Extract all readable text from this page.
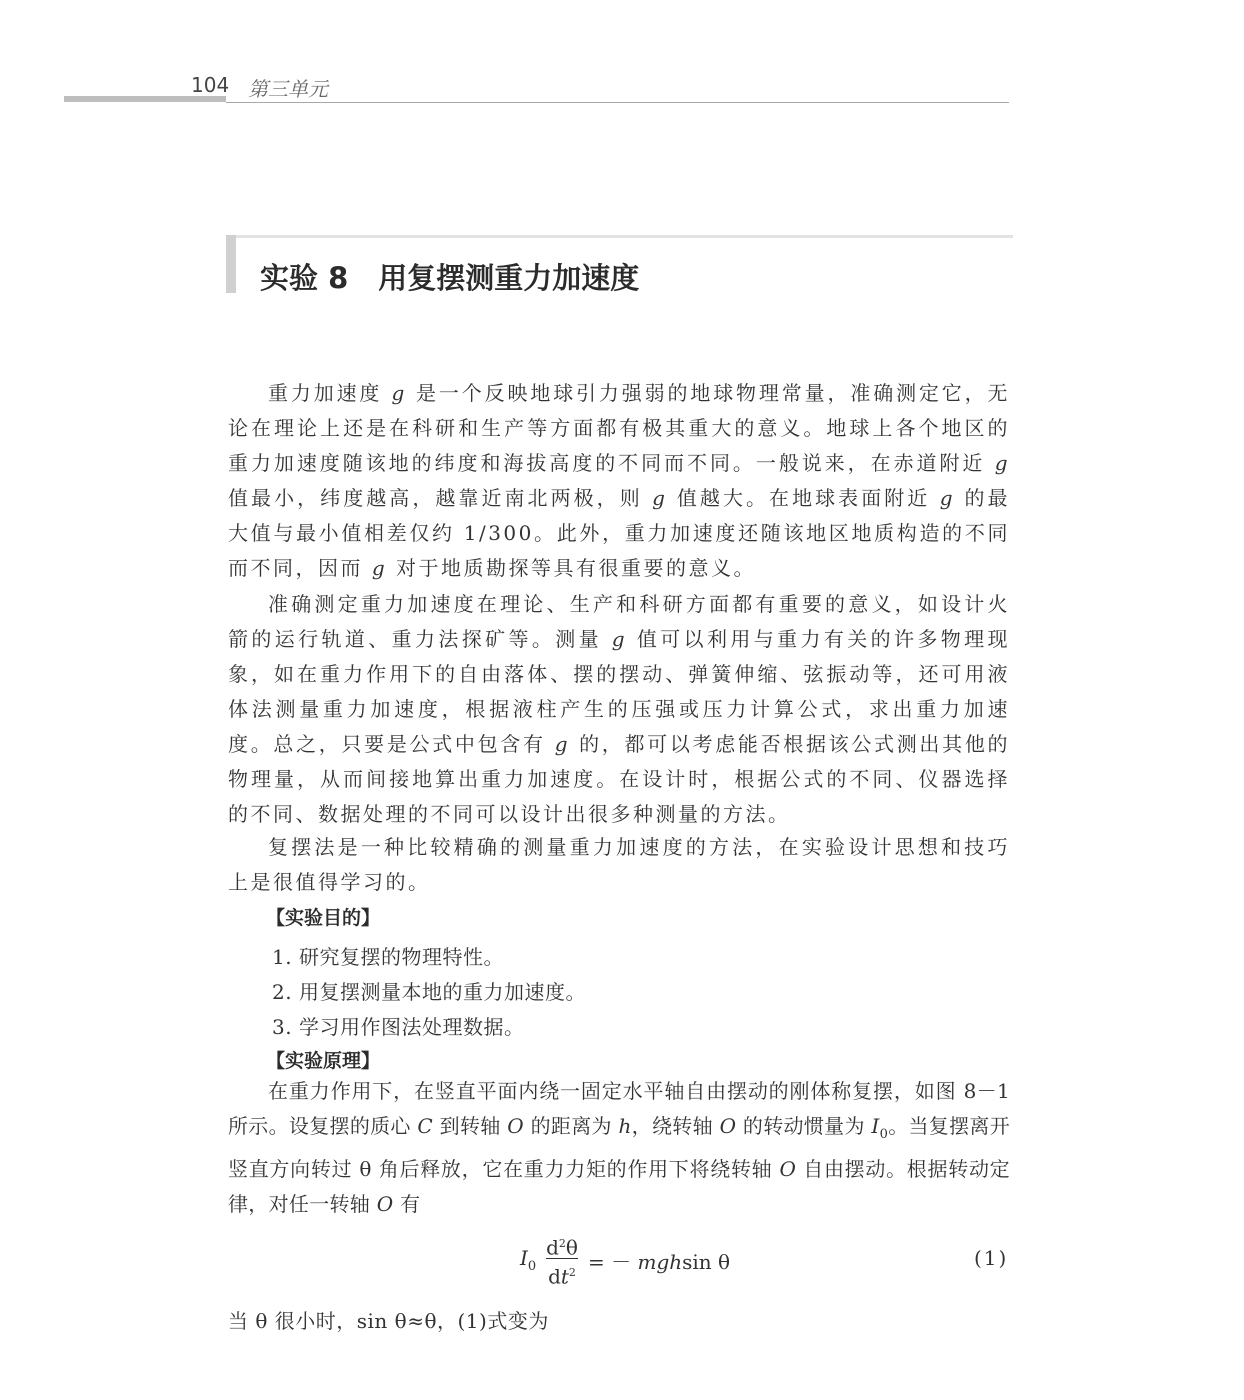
104 第三单元
实验 8 用复摆测重力加速度

重力加速度 g 是一个反映地球引力强弱的地球物理常量，准确测定它，无论在理论上还是在科研和生产等方面都有极其重大的意义。地球上各个地区的重力加速度随该地的纬度和海拔高度的不同而不同。一般说来，在赤道附近 g 值最小，纬度越高，越靠近南北两极，则 g 值越大。在地球表面附近 g 的最大值与最小值相差仅约 1/300。此外，重力加速度还随该地区地质构造的不同而不同，因而 g 对于地质勘探等具有很重要的意义。

准确测定重力加速度在理论、生产和科研方面都有重要的意义，如设计火箭的运行轨道、重力法探矿等。测量 g 值可以利用与重力有关的许多物理现象，如在重力作用下的自由落体、摆的摆动、弹簧伸缩、弦振动等，还可用液体法测量重力加速度，根据液柱产生的压强或压力计算公式，求出重力加速度。总之，只要是公式中包含有 g 的，都可以考虑能否根据该公式测出其他的物理量，从而间接地算出重力加速度。在设计时，根据公式的不同、仪器选择的不同、数据处理的不同可以设计出很多种测量的方法。

复摆法是一种比较精确的测量重力加速度的方法，在实验设计思想和技巧上是很值得学习的。

【实验目的】
1. 研究复摆的物理特性。
2. 用复摆测量本地的重力加速度。
3. 学习用作图法处理数据。
【实验原理】

在重力作用下，在竖直平面内绕一固定水平轴自由摆动的刚体称复摆，如图 8－1 所示。设复摆的质心 C 到转轴 O 的距离为 h，绕转轴 O 的转动惯量为 $I_0$。当复摆离开竖直方向转过 θ 角后释放，它在重力力矩的作用下将绕转轴 O 自由摆动。根据转动定律，对任一转轴 O 有

$I_0$
$d^2\theta$
$dt^2$ = － mghsin θ	(1)
当 θ 很小时，sin θ≈θ，(1)式变为
